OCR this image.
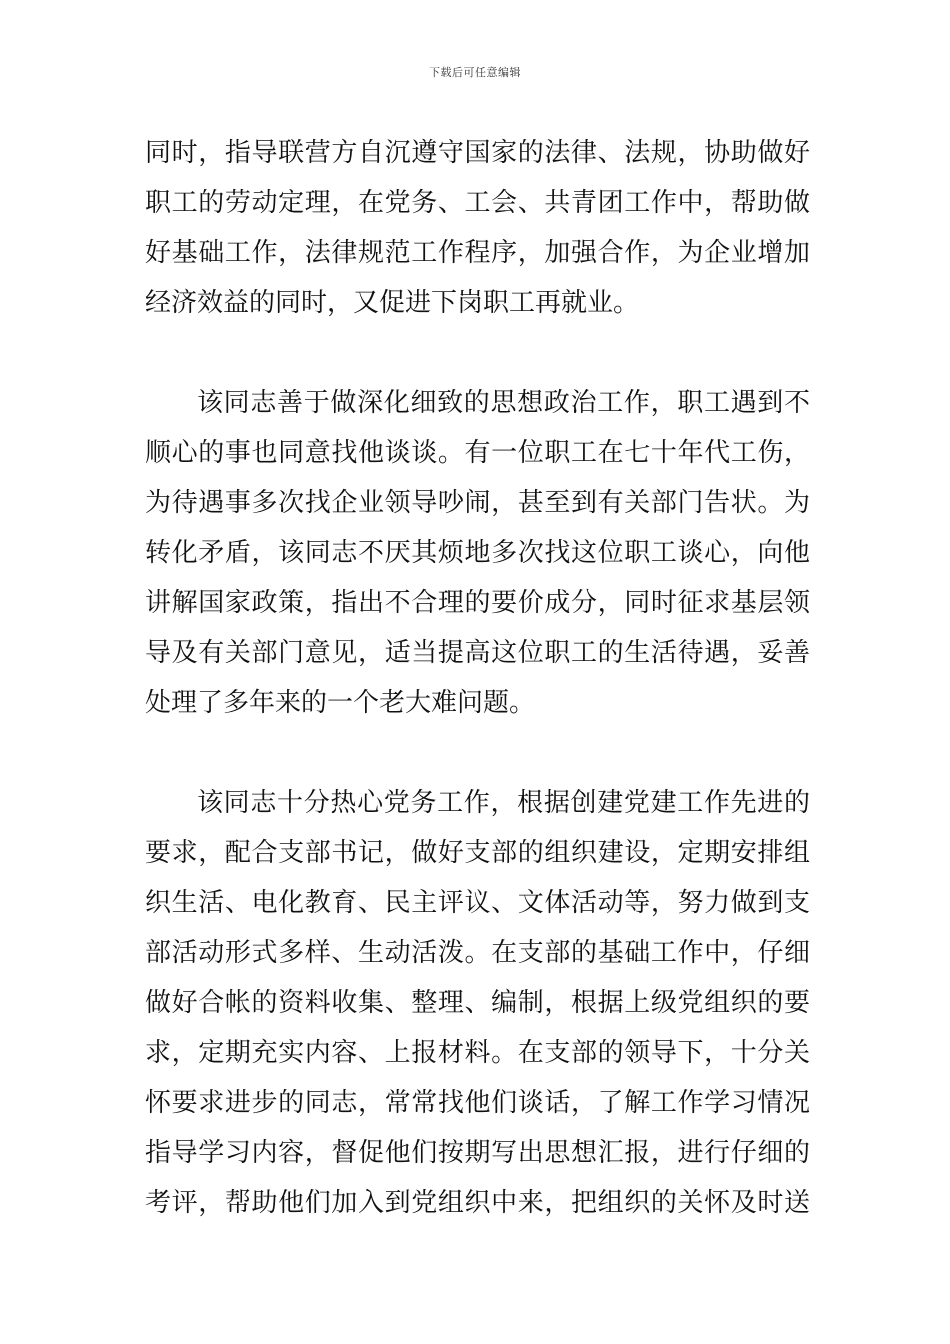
下载后可任意编辑
同时，指导联营方自沉遵守国家的法律、法规，协助做好
职工的劳动定理，在党务、工会、共青团工作中，帮助做
好基础工作，法律规范工作程序，加强合作，为企业增加
经济效益的同时，又促进下岗职工再就业。
该同志善于做深化细致的思想政治工作，职工遇到不
顺心的事也同意找他谈谈。有一位职工在七十年代工伤，
为待遇事多次找企业领导吵闹，甚至到有关部门告状。为
转化矛盾，该同志不厌其烦地多次找这位职工谈心，向他
讲解国家政策，指出不合理的要价成分，同时征求基层领
导及有关部门意见，适当提高这位职工的生活待遇，妥善
处理了多年来的一个老大难问题。
该同志十分热心党务工作，根据创建党建工作先进的
要求，配合支部书记，做好支部的组织建设，定期安排组
织生活、电化教育、民主评议、文体活动等，努力做到支
部活动形式多样、生动活泼。在支部的基础工作中，仔细
做好合帐的资料收集、整理、编制，根据上级党组织的要
求，定期充实内容、上报材料。在支部的领导下，十分关
怀要求进步的同志，常常找他们谈话，了解工作学习情况
指导学习内容，督促他们按期写出思想汇报，进行仔细的
考评，帮助他们加入到党组织中来，把组织的关怀及时送
